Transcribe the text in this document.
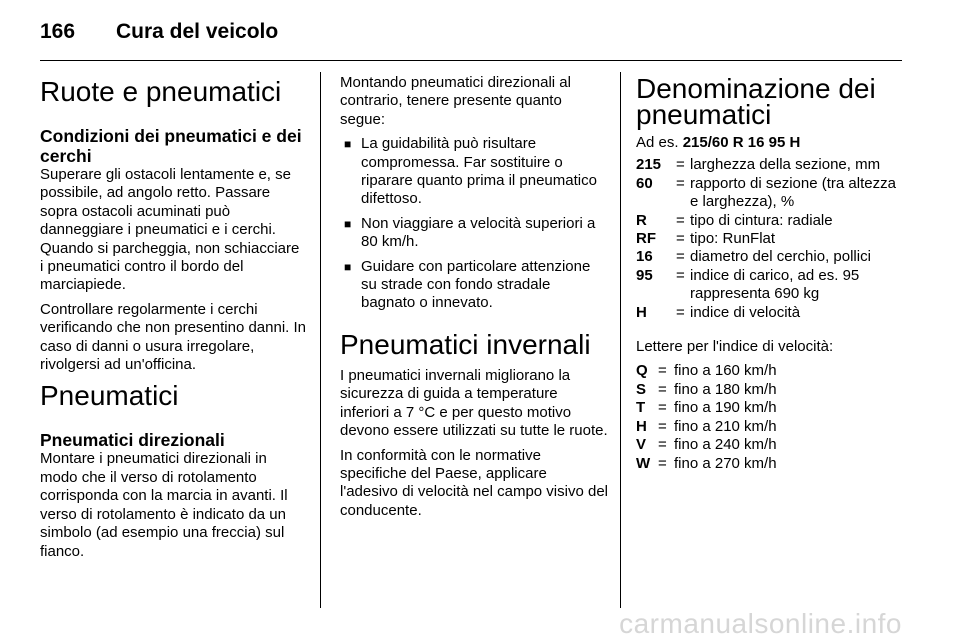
166 Cura del veicolo
Ruote e pneumatici
Condizioni dei pneumatici e dei cerchi

Superare gli ostacoli lentamente e, se possibile, ad angolo retto. Passare sopra ostacoli acuminati può danneggiare i pneumatici e i cerchi. Quando si parcheggia, non schiacciare i pneumatici contro il bordo del marciapiede.

Controllare regolarmente i cerchi verificando che non presentino danni. In caso di danni o usura irregolare, rivolgersi ad un'officina.

Pneumatici
Pneumatici direzionali

Montare i pneumatici direzionali in modo che il verso di rotolamento corrisponda con la marcia in avanti. Il verso di rotolamento è indicato da un simbolo (ad esempio una freccia) sul fianco.

Montando pneumatici direzionali al contrario, tenere presente quanto segue:

■ La guidabilità può risultare compromessa. Far sostituire o riparare quanto prima il pneumatico difettoso.
■ Non viaggiare a velocità superiori a 80 km/h.
■ Guidare con particolare attenzione su strade con fondo stradale bagnato o innevato.
Pneumatici invernali

I pneumatici invernali migliorano la sicurezza di guida a temperature inferiori a 7 °C e per questo motivo devono essere utilizzati su tutte le ruote.

In conformità con le normative specifiche del Paese, applicare l'adesivo di velocità nel campo visivo del conducente.

Denominazione dei pneumatici

Ad es. 215/60 R 16 95 H

215	=	larghezza della sezione, mm
60	=	rapporto di sezione (tra altezza e larghezza), %
R	=	tipo di cintura: radiale
RF	=	tipo: RunFlat
16	=	diametro del cerchio, pollici
95	=	indice di carico, ad es. 95 rappresenta 690 kg
H	=	indice di velocità

Lettere per l'indice di velocità:

Q	=	fino a 160 km/h
S	=	fino a 180 km/h
T	=	fino a 190 km/h
H	=	fino a 210 km/h
V	=	fino a 240 km/h
W	=	fino a 270 km/h
carmanualsonline.info
